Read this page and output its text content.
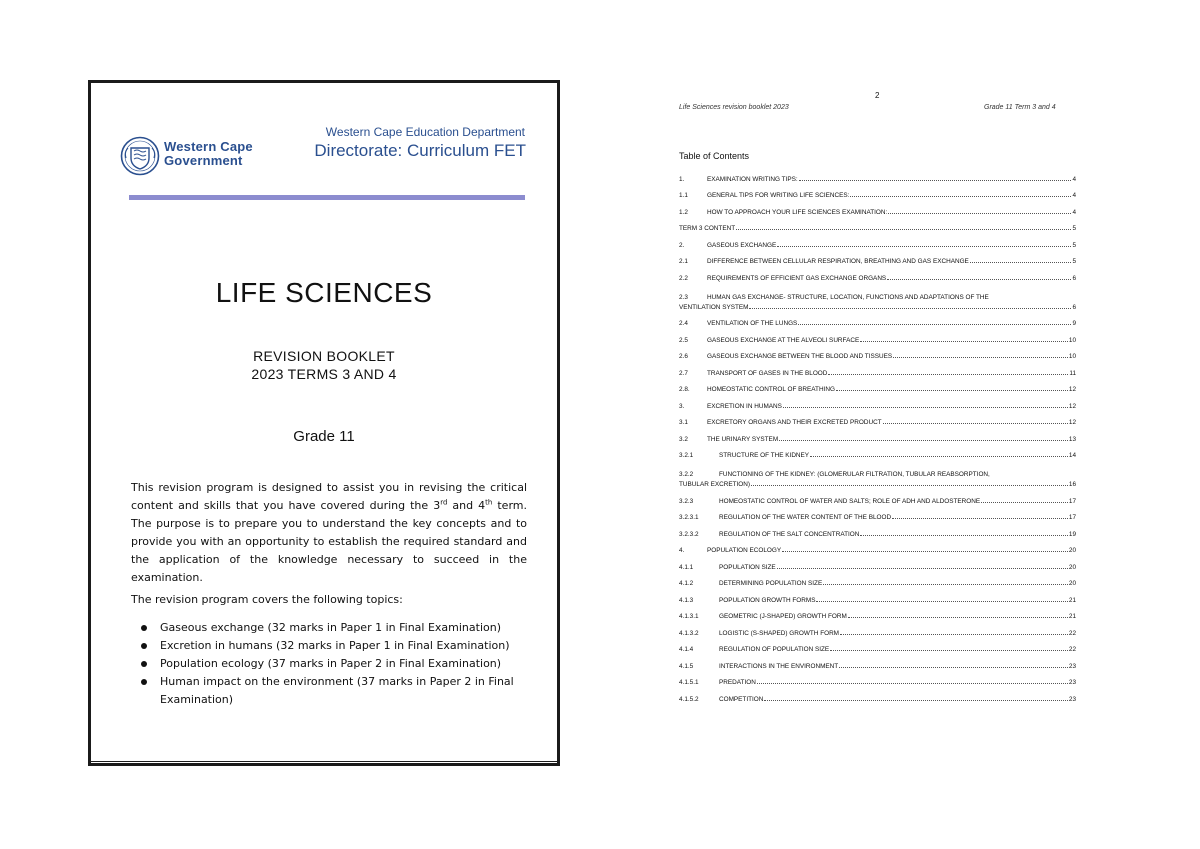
Western Cape
Government
Western Cape Education Department
Directorate: Curriculum FET
LIFE SCIENCES
REVISION BOOKLET
2023 TERMS 3 AND 4
Grade 11

This revision program is designed to assist you in revising the critical content and skills that you have covered during the 3rd and 4th term. The purpose is to prepare you to understand the key concepts and to provide you with an opportunity to establish the required standard and the application of the knowledge necessary to succeed in the examination.

The revision program covers the following topics:

Gaseous exchange (32 marks in Paper 1 in Final Examination)
Excretion in humans (32 marks in Paper 1 in Final Examination)
Population ecology (37 marks in Paper 2 in Final Examination)
Human impact on the environment (37 marks in Paper 2 in Final Examination)
2
Life Sciences revision booklet 2023	Grade 11 Term 3 and 4
Table of Contents
1.	EXAMINATION WRITING TIPS:	4
1.1	GENERAL TIPS FOR WRITING LIFE SCIENCES:	4
1.2	HOW TO APPROACH YOUR LIFE SCIENCES EXAMINATION:	4
TERM 3 CONTENT	5
2.	GASEOUS EXCHANGE	5
2.1	DIFFERENCE BETWEEN CELLULAR RESPIRATION, BREATHING AND GAS EXCHANGE	5
2.2	REQUIREMENTS OF EFFICIENT GAS EXCHANGE ORGANS	6
2.3	HUMAN GAS EXCHANGE- STRUCTURE, LOCATION, FUNCTIONS AND ADAPTATIONS OF THE
VENTILATION SYSTEM	6
2.4	VENTILATION OF THE LUNGS	9
2.5	GASEOUS EXCHANGE AT THE ALVEOLI SURFACE	10
2.6	GASEOUS EXCHANGE BETWEEN THE BLOOD AND TISSUES	10
2.7	TRANSPORT OF GASES IN THE BLOOD	11
2.8.	HOMEOSTATIC CONTROL OF BREATHING	12
3.	EXCRETION IN HUMANS	12
3.1	EXCRETORY ORGANS AND THEIR EXCRETED PRODUCT	12
3.2	THE URINARY SYSTEM	13
3.2.1	STRUCTURE OF THE KIDNEY	14
3.2.2	FUNCTIONING OF THE KIDNEY: (GLOMERULAR FILTRATION, TUBULAR REABSORPTION,
TUBULAR EXCRETION)	16
3.2.3	HOMEOSTATIC CONTROL OF WATER AND SALTS; ROLE OF ADH AND ALDOSTERONE	17
3.2.3.1	REGULATION OF THE WATER CONTENT OF THE BLOOD	17
3.2.3.2	REGULATION OF THE SALT CONCENTRATION	19
4.	POPULATION ECOLOGY	20
4.1.1	POPULATION SIZE	20
4.1.2	DETERMINING POPULATION SIZE	20
4.1.3	POPULATION GROWTH FORMS	21
4.1.3.1	GEOMETRIC (J-SHAPED) GROWTH FORM	21
4.1.3.2	LOGISTIC (S-SHAPED) GROWTH FORM	22
4.1.4	REGULATION OF POPULATION SIZE	22
4.1.5	INTERACTIONS IN THE ENVIRONMENT	23
4.1.5.1	PREDATION	23
4.1.5.2	COMPETITION	23
